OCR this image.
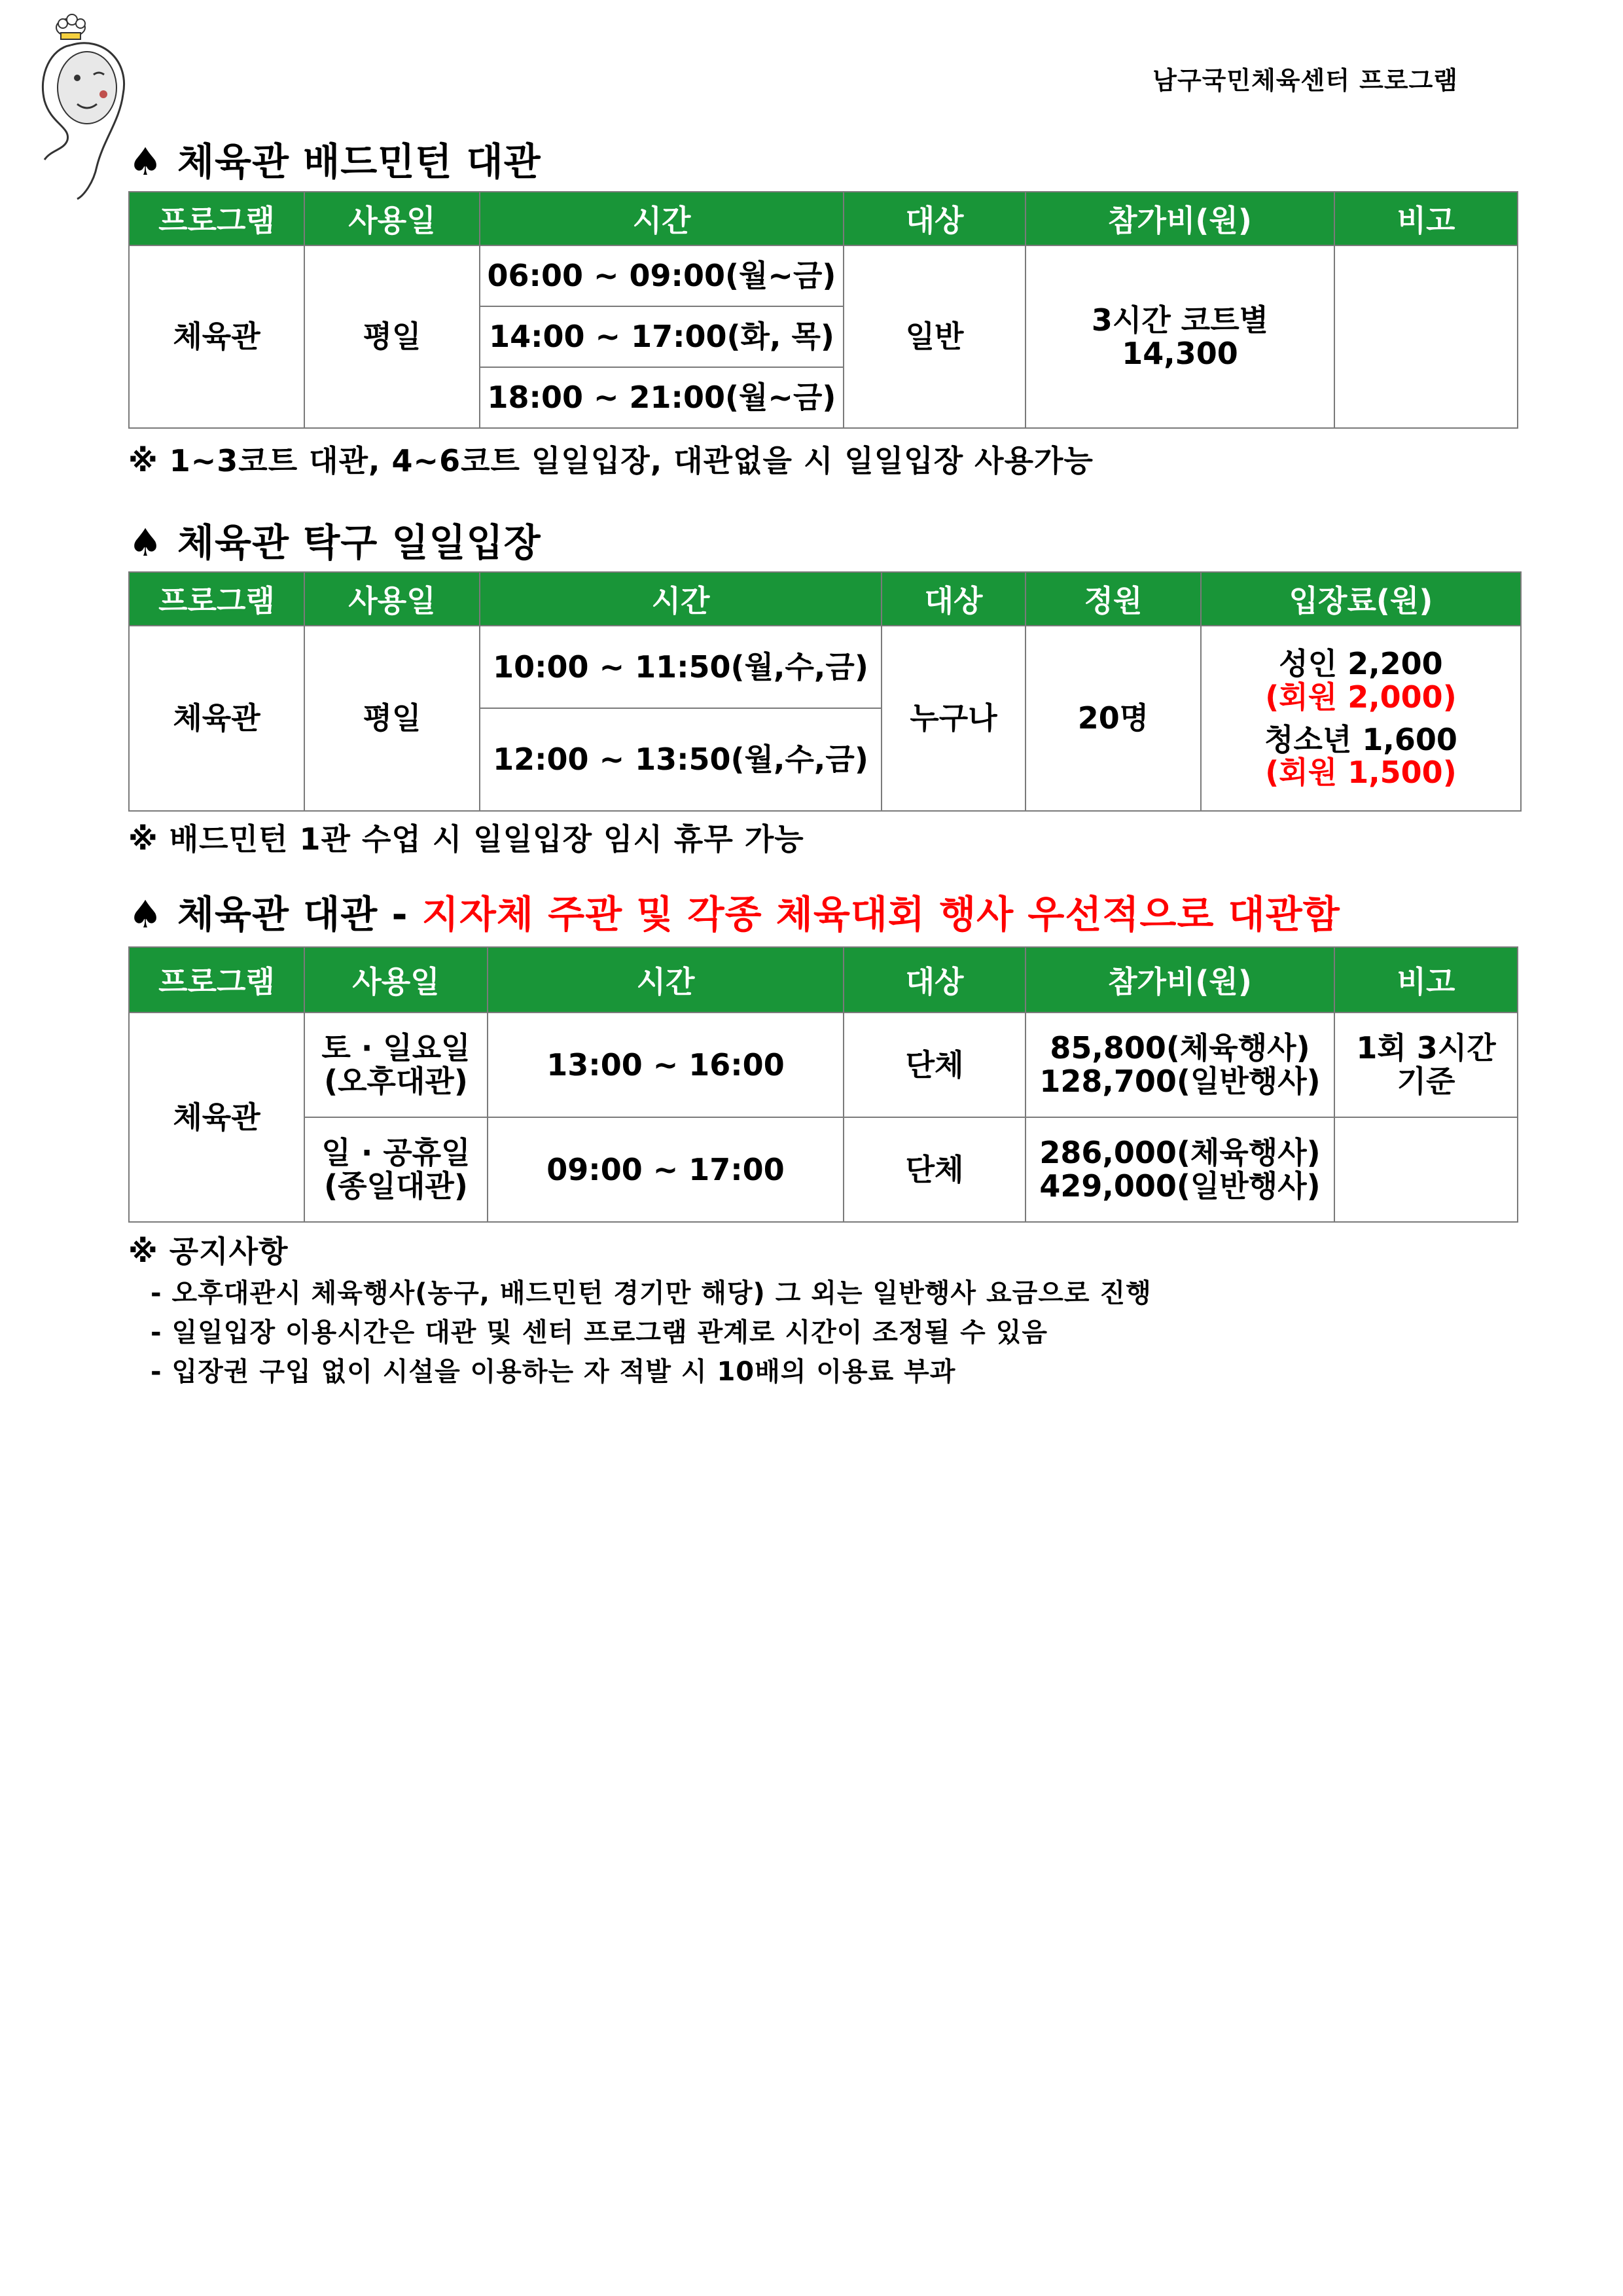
남구국민체육센터 프로그램
♠ 체육관 배드민턴 대관
프로그램	사용일	시간	대상	참가비(원)	비고
체육관	평일	06:00 ~ 09:00(월~금)	일반	3시간 코트별
14,300	

		14:00 ~ 17:00(화, 목)			
		18:00 ~ 21:00(월~금)			
※ 1~3코트 대관, 4~6코트 일일입장, 대관없을 시 일일입장 사용가능
♠ 체육관 탁구 일일입장
프로그램	사용일	시간	대상	정원	입장료(원)
체육관	평일	10:00 ~ 11:50(월,수,금)	누구나	20명	성인 2,200
(회원 2,000)
청소년 1,600
(회원 1,500)

		12:00 ~ 13:50(월,수,금)			
※ 배드민턴 1관 수업 시 일일입장 임시 휴무 가능
♠ 체육관 대관 - 지자체 주관 및 각종 체육대회 행사 우선적으로 대관함
프로그램	사용일	시간	대상	참가비(원)	비고
체육관	토 · 일요일
(오후대관)	13:00 ~ 16:00	단체	85,800(체육행사)
128,700(일반행사)	1회 3시간
기준

	일 · 공휴일
(종일대관)	09:00 ~ 17:00	단체	286,000(체육행사)
429,000(일반행사)	

※ 공지사항
- 오후대관시 체육행사(농구, 배드민턴 경기만 해당) 그 외는 일반행사 요금으로 진행
- 일일입장 이용시간은 대관 및 센터 프로그램 관계로 시간이 조정될 수 있음
- 입장권 구입 없이 시설을 이용하는 자 적발 시 10배의 이용료 부과
